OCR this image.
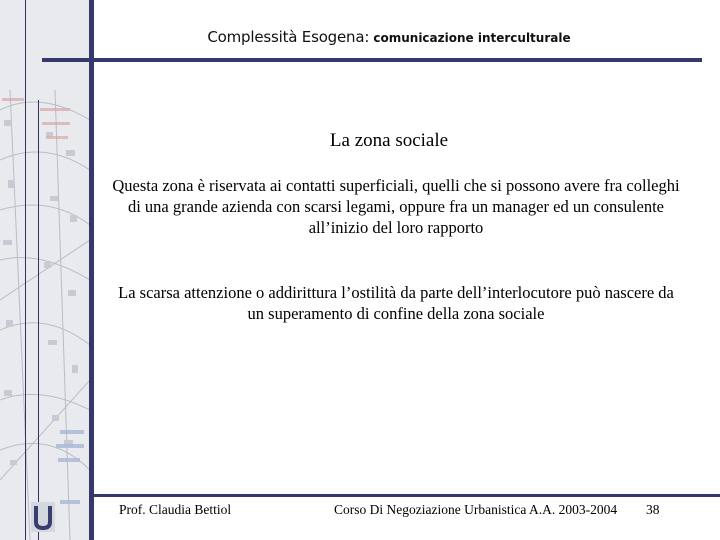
Complessità Esogena: comunicazione interculturale
La zona sociale
Questa zona è riservata ai contatti superficiali, quelli che si possono avere fra colleghi di una grande azienda con scarsi legami, oppure fra un manager ed un consulente all’inizio del loro rapporto
La scarsa attenzione o addirittura l’ostilità da parte dell’interlocutore può nascere da un superamento di confine della zona sociale
Prof. Claudia Bettiol	Corso Di Negoziazione Urbanistica A.A. 2003-2004 38
